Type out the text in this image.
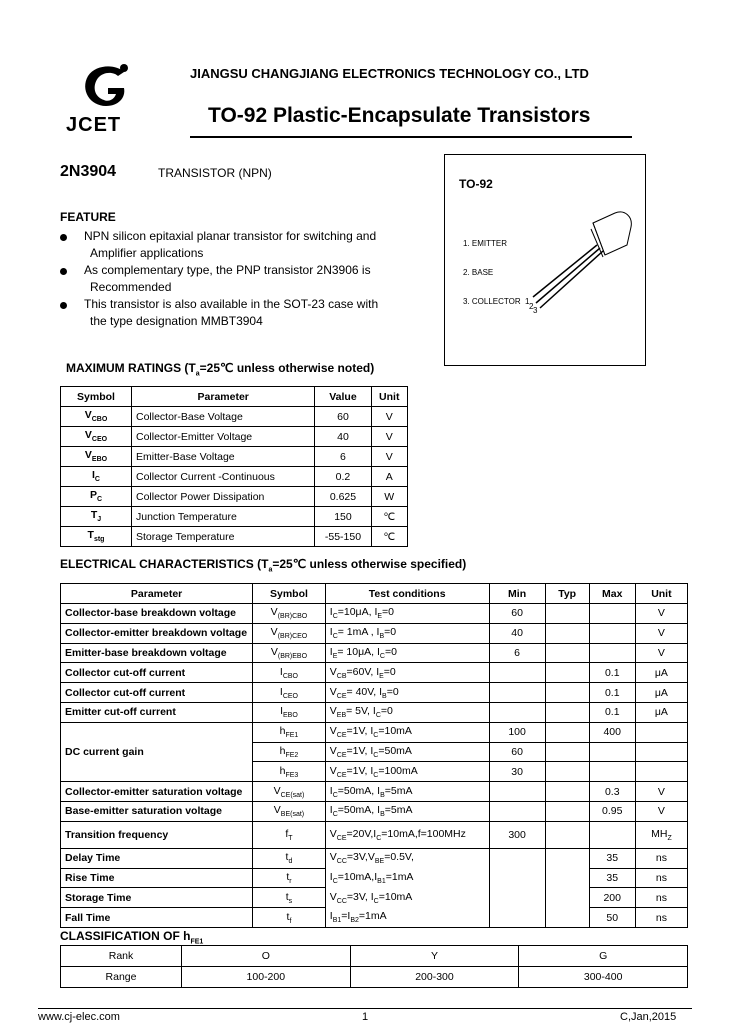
JCET
JIANGSU CHANGJIANG ELECTRONICS TECHNOLOGY CO., LTD
TO-92 Plastic-Encapsulate Transistors
2N3904	TRANSISTOR (NPN)
TO-92
1. EMITTER
2. BASE
3. COLLECTOR 1
2 3
FEATURE
NPN silicon epitaxial planar transistor for switching and
Amplifier applications
As complementary type, the PNP transistor 2N3906 is
Recommended
This transistor is also available in the SOT-23 case with
the type designation MMBT3904
MAXIMUM RATINGS ($T_a=25℃$ unless otherwise noted)
Symbol	Parameter	Value	Unit
$V_{CBO}$	Collector-Base Voltage	60	V
$V_{CEO}$	Collector-Emitter Voltage	40	V
$V_{EBO}$	Emitter-Base Voltage	6	V
$I_C$	Collector Current -Continuous	0.2	A
$P_C$	Collector Power Dissipation	0.625	W
$T_J$	Junction Temperature	150	℃
$T_{stg}$	Storage Temperature	-55-150	℃
ELECTRICAL CHARACTERISTICS ($T_a=25℃$ unless otherwise specified)
Parameter	Symbol	Test conditions	Min	Typ	Max	Unit
Collector-base breakdown voltage	$V_{(BR)CBO}$	$I_C=10\mu A$, $I_E=0$	60			V
Collector-emitter breakdown voltage	$V_{(BR)CEO}$	$I_C= 1mA$ , $I_B=0$	40			V
Emitter-base breakdown voltage	$V_{(BR)EBO}$	$I_E= 10\mu A$, $I_C=0$	6			V
Collector cut-off current	$I_{CBO}$	$V_{CB}=60V$, $I_E=0$			0.1	μA
Collector cut-off current	$I_{CEO}$	$V_{CE}= 40V$, $I_B=0$			0.1	μA
Emitter cut-off current	$I_{EBO}$	$V_{EB}= 5V$, $I_C=0$			0.1	μA
DC current gain	$h_{FE1}$	$V_{CE}=1V$, $I_C=10mA$	100		400	
	$h_{FE2}$	$V_{CE}=1V$, $I_C=50mA$	60			
	$h_{FE3}$	$V_{CE}=1V$, $I_C=100mA$	30			
Collector-emitter saturation voltage	$V_{CE(sat)}$	$I_C=50mA$, $I_B=5mA$			0.3	V
Base-emitter saturation voltage	$V_{BE(sat)}$	$I_C=50mA$, $I_B=5mA$			0.95	V
Transition frequency	$f_T$	$V_{CE}=20V,I_C=10mA,f=100MHz$	300			$MH_Z$
Delay Time	$t_d$	$V_{CC}=3V,V_{BE}=0.5V$,			35	ns
Rise Time	$t_r$	$I_C=10mA,I_{B1}=1mA$			35	ns
Storage Time	$t_s$	$V_{CC}=3V$, $I_C=10mA$			200	ns
Fall Time	$t_f$	$I_{B1}=I_{B2}=1mA$			50	ns
CLASSIFICATION OF $h_{FE1}$
Rank	O	Y	G
Range	100-200	200-300	300-400
www.cj-elec.com	1	C,Jan,2015
